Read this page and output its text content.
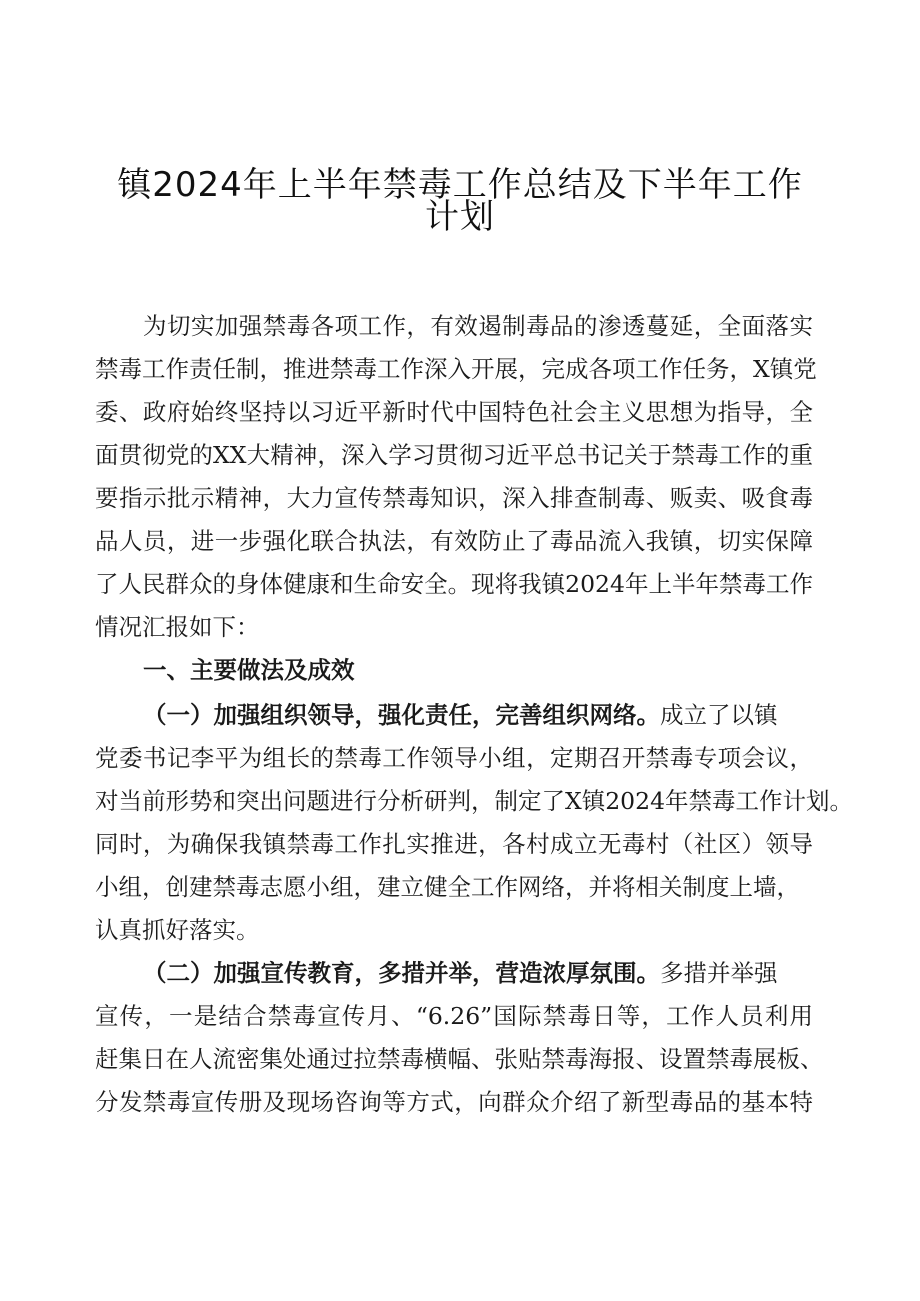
镇2024年上半年禁毒工作总结及下半年工作
计划
为切实加强禁毒各项工作，有效遏制毒品的渗透蔓延，全面落实
禁毒工作责任制，推进禁毒工作深入开展，完成各项工作任务，X镇党
委、政府始终坚持以习近平新时代中国特色社会主义思想为指导，全
面贯彻党的XX大精神，深入学习贯彻习近平总书记关于禁毒工作的重
要指示批示精神，大力宣传禁毒知识，深入排查制毒、贩卖、吸食毒
品人员，进一步强化联合执法，有效防止了毒品流入我镇，切实保障
了人民群众的身体健康和生命安全。现将我镇2024年上半年禁毒工作
情况汇报如下：
一、主要做法及成效
（一）加强组织领导，强化责任，完善组织网络。成立了以镇
党委书记李平为组长的禁毒工作领导小组，定期召开禁毒专项会议，
对当前形势和突出问题进行分析研判，制定了X镇2024年禁毒工作计划。
同时，为确保我镇禁毒工作扎实推进，各村成立无毒村（社区）领导
小组，创建禁毒志愿小组，建立健全工作网络，并将相关制度上墙，
认真抓好落实。
（二）加强宣传教育，多措并举，营造浓厚氛围。多措并举强
宣传，一是结合禁毒宣传月、“6.26”国际禁毒日等，工作人员利用
赶集日在人流密集处通过拉禁毒横幅、张贴禁毒海报、设置禁毒展板、
分发禁毒宣传册及现场咨询等方式，向群众介绍了新型毒品的基本特
